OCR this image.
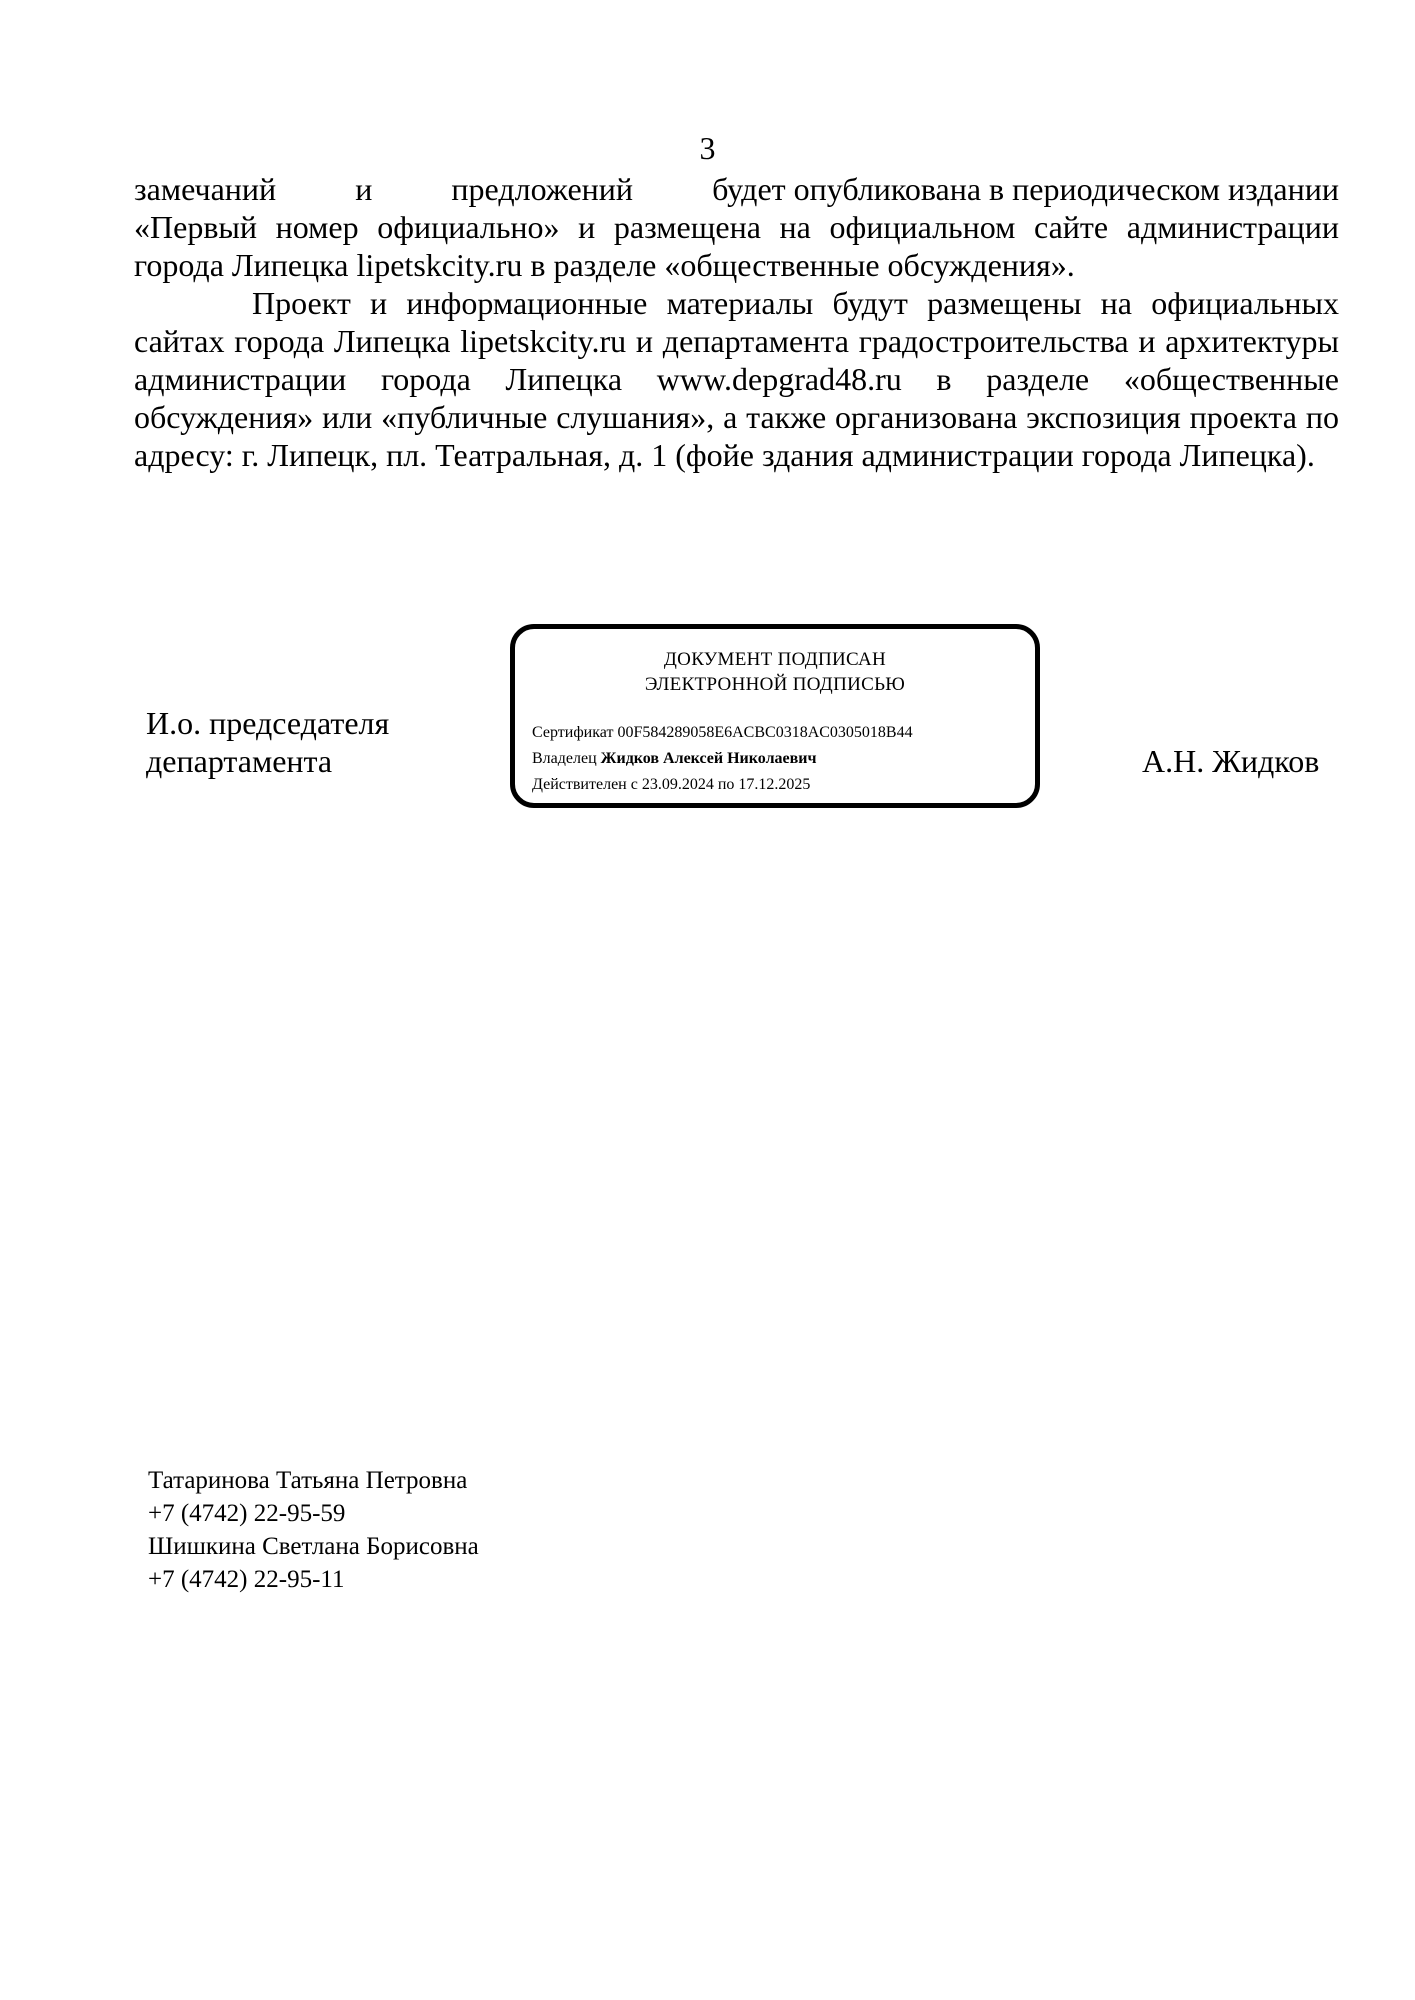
3
замечаний и предложений будет опубликована в периодическом издании
«Первый номер официально» и размещена на официальном сайте администрации города Липецка lipetskcity.ru в разделе «общественные обсуждения».

Проект и информационные материалы будут размещены на официальных сайтах города Липецка lipetskcity.ru и департамента градостроительства и архитектуры администрации города Липецка www.depgrad48.ru в разделе «общественные обсуждения» или «публичные слушания», а также организована экспозиция проекта по адресу: г. Липецк, пл. Театральная, д. 1 (фойе здания администрации города Липецка).

И.о. председателя
департамента
ДОКУМЕНТ ПОДПИСАН
ЭЛЕКТРОННОЙ ПОДПИСЬЮ
Сертификат 00F584289058E6ACBC0318AC0305018B44
Владелец Жидков Алексей Николаевич
Действителен с 23.09.2024 по 17.12.2025
А.Н. Жидков
Татаринова Татьяна Петровна
+7 (4742) 22-95-59
Шишкина Светлана Борисовна
+7 (4742) 22-95-11
